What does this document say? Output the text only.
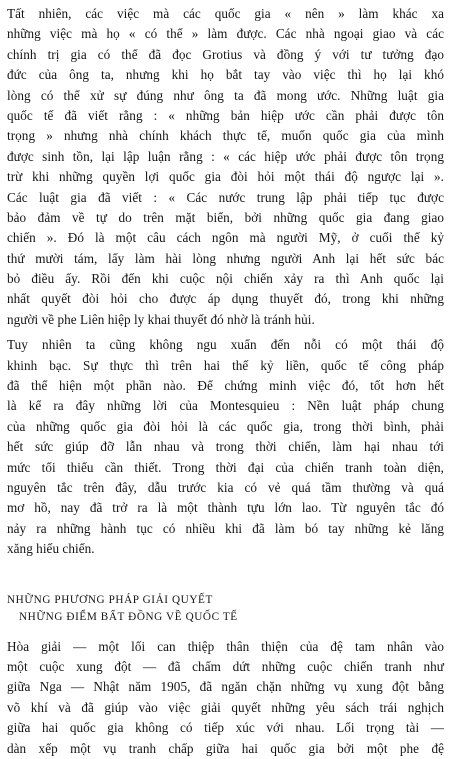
Tất nhiên, các việc mà các quốc gia « nên » làm khác xa
những việc mà họ « có thể » làm được. Các nhà ngoại giao và các
chính trị gia có thể đã đọc Grotius và đồng ý với tư tưởng đạo
đức của ông ta, nhưng khi họ bắt tay vào việc thì họ lại khó
lòng có thể xử sự đúng như ông ta đã mong ước. Những luật gia
quốc tế đã viết rằng : « những bản hiệp ước cần phải được tôn
trọng » nhưng nhà chính khách thực tế, muốn quốc gia của mình
được sinh tồn, lại lập luận rằng : « các hiệp ước phải được tôn trọng
trừ khi những quyền lợi quốc gia đòi hỏi một thái độ ngược lại ».
Các luật gia đã viết : « Các nước trung lập phải tiếp tục được
bảo đảm về tự do trên mặt biển, bởi những quốc gia đang giao
chiến ». Đó là một câu cách ngôn mà người Mỹ, ở cuối thế kỷ
thứ mười tám, lấy làm hài lòng nhưng người Anh lại hết sức bác
bỏ điều ấy. Rồi đến khi cuộc nội chiến xảy ra thì Anh quốc lại
nhất quyết đòi hỏi cho được áp dụng thuyết đó, trong khi những
người về phe Liên hiệp ly khai thuyết đó nhờ là tránh hủi.
Tuy nhiên ta cũng không ngu xuẩn đến nỗi có một thái độ
khinh bạc. Sự thực thì trên hai thế kỷ liền, quốc tế công pháp
đã thể hiện một phần nào. Để chứng minh việc đó, tốt hơn hết
là kể ra đây những lời của Montesquieu : Nền luật pháp chung
của những quốc gia đòi hỏi là các quốc gia, trong thời bình, phải
hết sức giúp đỡ lẫn nhau và trong thời chiến, làm hại nhau tới
mức tối thiểu cần thiết. Trong thời đại của chiến tranh toàn diện,
nguyên tắc trên đây, dẫu trước kia có vẻ quá tầm thường và quá
mơ hồ, nay đã trở ra là một thành tựu lớn lao. Từ nguyên tắc đó
nảy ra những hành tục có nhiều khi đã làm bó tay những kẻ lăng
xăng hiếu chiến.
NHỮNG PHƯƠNG PHÁP GIẢI QUYẾT
NHỮNG ĐIỂM BẤT ĐỒNG VỀ QUỐC TẾ
Hòa giải — một lối can thiệp thân thiện của đệ tam nhân vào
một cuộc xung đột — đã chấm dứt những cuộc chiến tranh như
giữa Nga — Nhật năm 1905, đã ngăn chặn những vụ xung đột bằng
võ khí và đã giúp vào việc giải quyết những yêu sách trái nghịch
giữa hai quốc gia không có tiếp xúc với nhau. Lối trọng tài —
dàn xếp một vụ tranh chấp giữa hai quốc gia bởi một phe đệ
